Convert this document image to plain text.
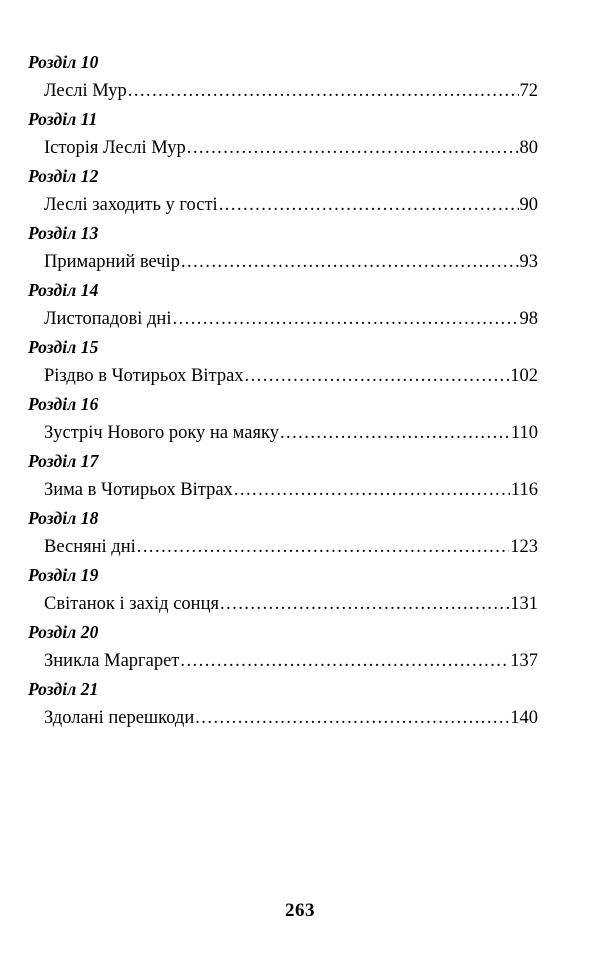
Розділ 10
Леслі Мур .....	72
Розділ 11
Історія Леслі Мур .....	80
Розділ 12
Леслі заходить у гості .....	90
Розділ 13
Примарний вечір .....	93
Розділ 14
Листопадові дні .....	98
Розділ 15
Різдво в Чотирьох Вітрах .....	102
Розділ 16
Зустріч Нового року на маяку .....	110
Розділ 17
Зима в Чотирьох Вітрах .....	116
Розділ 18
Весняні дні .....	123
Розділ 19
Світанок і захід сонця .....	131
Розділ 20
Зникла Маргарет .....	137
Розділ 21
Здолані перешкоди .....	140
263
